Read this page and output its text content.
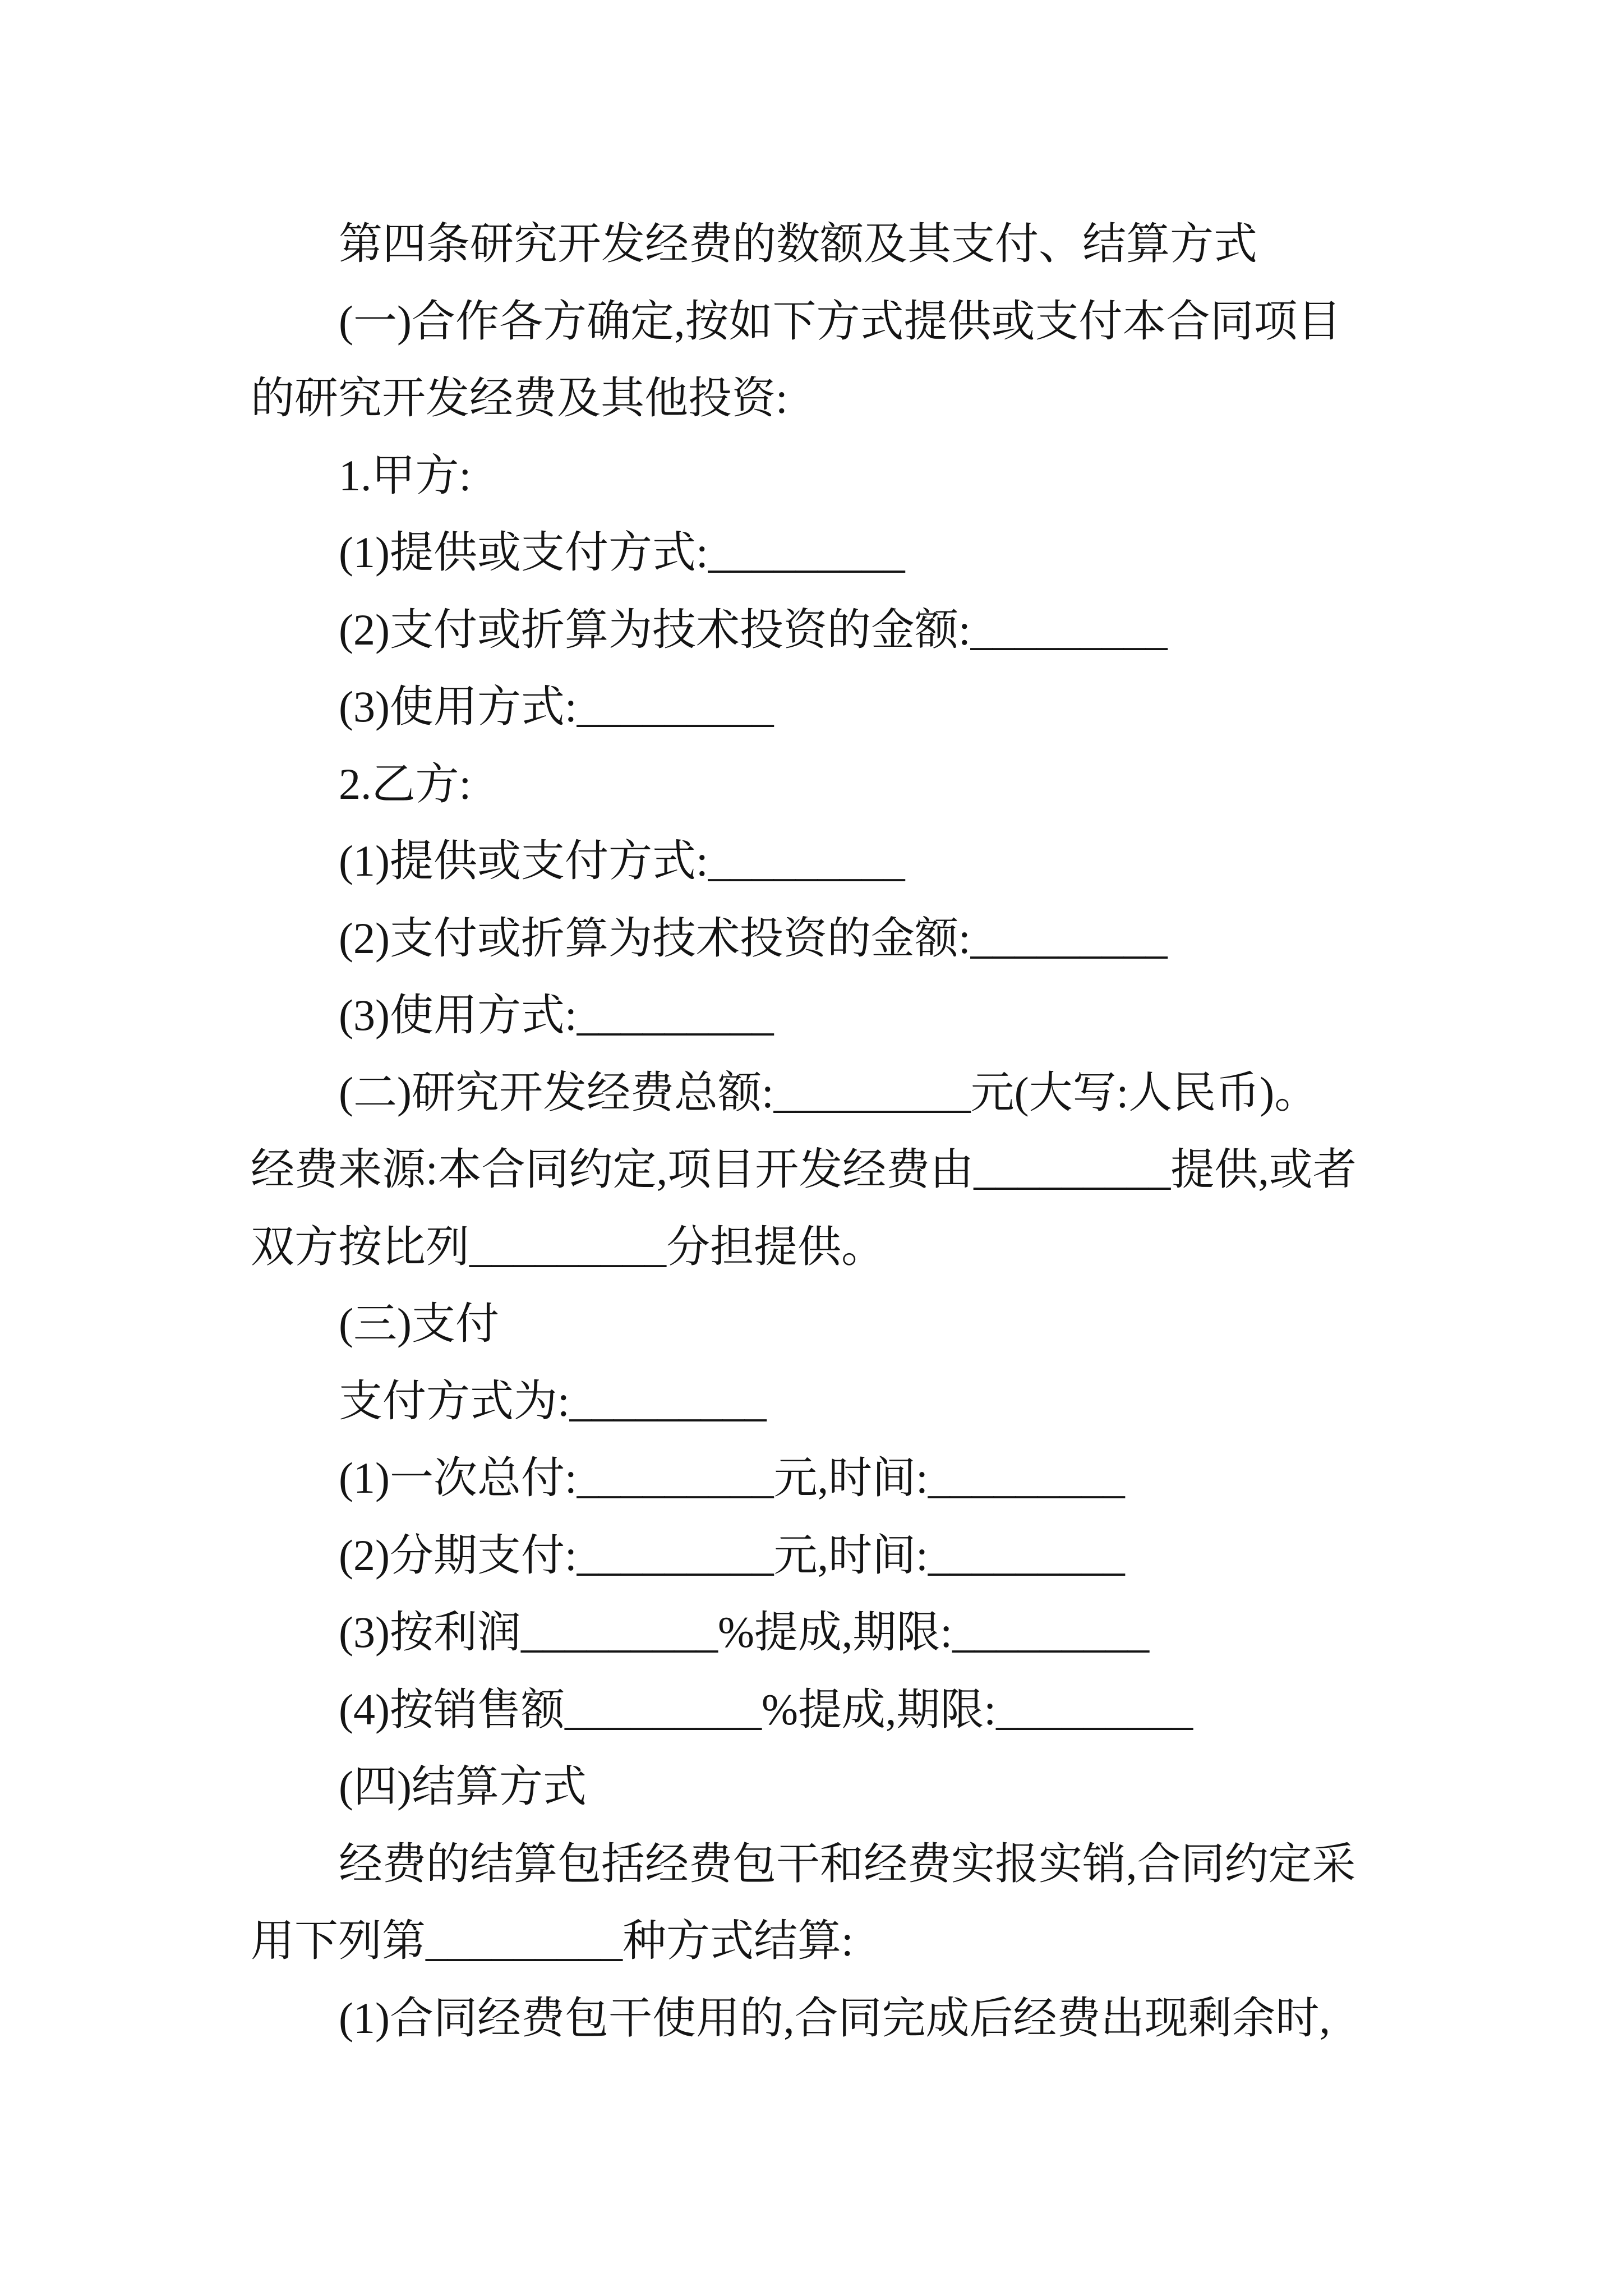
第四条研究开发经费的数额及其支付、结算方式
(一)合作各方确定,按如下方式提供或支付本合同项目
的研究开发经费及其他投资:
1.甲方:
(1)提供或支付方式:_________
(2)支付或折算为技术投资的金额:_________
(3)使用方式:_________
2.乙方:
(1)提供或支付方式:_________
(2)支付或折算为技术投资的金额:_________
(3)使用方式:_________
(二)研究开发经费总额:_________元(大写:人民币)。
经费来源:本合同约定,项目开发经费由_________提供,或者
双方按比列_________分担提供。
(三)支付
支付方式为:_________
(1)一次总付:_________元,时间:_________
(2)分期支付:_________元,时间:_________
(3)按利润_________%提成,期限:_________
(4)按销售额_________%提成,期限:_________
(四)结算方式
经费的结算包括经费包干和经费实报实销,合同约定采
用下列第_________种方式结算:
(1)合同经费包干使用的,合同完成后经费出现剩余时,
